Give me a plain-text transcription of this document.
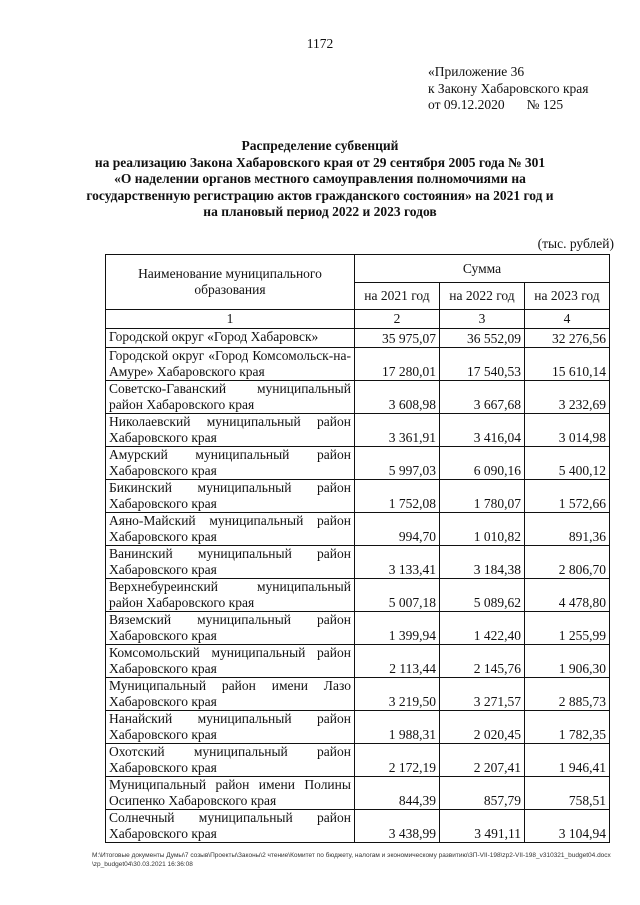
1172
«Приложение 36
к Закону Хабаровского края
от 09.12.2020 № 125
Распределение субвенций
на реализацию Закона Хабаровского края от 29 сентября 2005 года № 301
«О наделении органов местного самоуправления полномочиями на
государственную регистрацию актов гражданского состояния» на 2021 год и
на плановый период 2022 и 2023 годов
(тыс. рублей)
Наименование муниципального образования	Сумма		
	на 2021 год	на 2022 год	на 2023 год
1	2	3	4
Городской округ «Город Хабаровск»	35 975,07	36 552,09	32 276,56
Городской округ «Город Комсомольск-на-Амуре» Хабаровского края	17 280,01	17 540,53	15 610,14
Советско-Гаванский муниципальный район Хабаровского края	3 608,98	3 667,68	3 232,69
Николаевский муниципальный район Хабаровского края	3 361,91	3 416,04	3 014,98
Амурский муниципальный район Хабаровского края	5 997,03	6 090,16	5 400,12
Бикинский муниципальный район Хабаровского края	1 752,08	1 780,07	1 572,66
Аяно-Майский муниципальный район Хабаровского края	994,70	1 010,82	891,36
Ванинский муниципальный район Хабаровского края	3 133,41	3 184,38	2 806,70
Верхнебуреинский муниципальный район Хабаровского края	5 007,18	5 089,62	4 478,80
Вяземский муниципальный район Хабаровского края	1 399,94	1 422,40	1 255,99
Комсомольский муниципальный район Хабаровского края	2 113,44	2 145,76	1 906,30
Муниципальный район имени Лазо Хабаровского края	3 219,50	3 271,57	2 885,73
Нанайский муниципальный район Хабаровского края	1 988,31	2 020,45	1 782,35
Охотский муниципальный район Хабаровского края	2 172,19	2 207,41	1 946,41
Муниципальный район имени Полины Осипенко Хабаровского края	844,39	857,79	758,51
Солнечный муниципальный район Хабаровского края	3 438,99	3 491,11	3 104,94
M:\Итоговые документы Думы\7 созыв\Проекты\Законы\2 чтение\Комитет по бюджету, налогам и экономическому развитию\3П-VII-198\zp2-VII-198_v310321_budget04.docx\zp_budget04\30.03.2021 16:36:08
